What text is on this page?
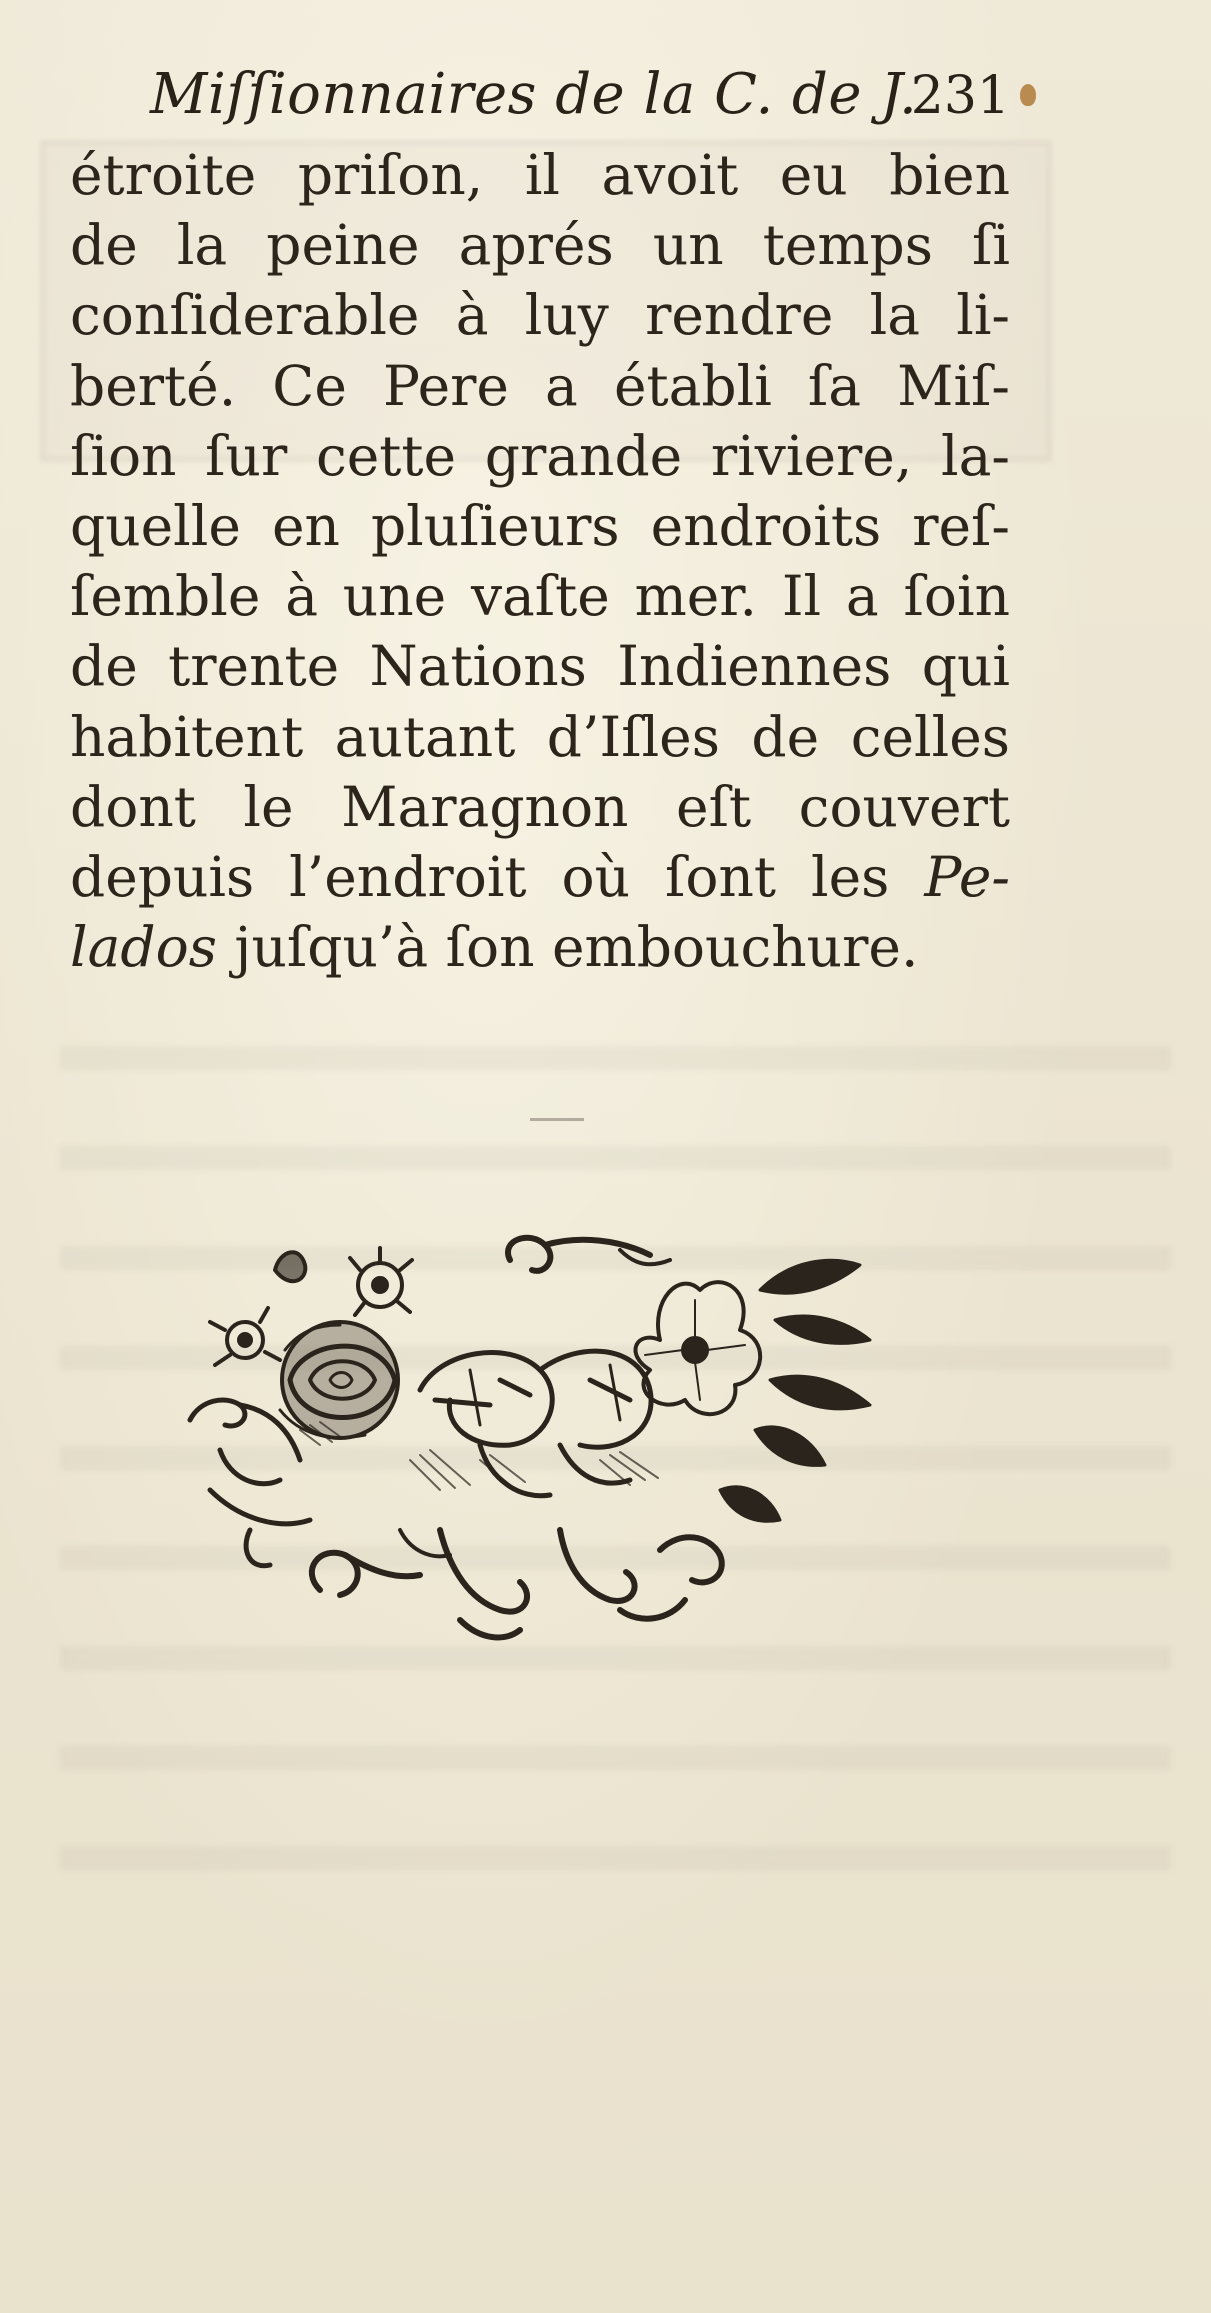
Miſſionnaires de la C. de J.
231
étroite priſon, il avoit eu bien
de la peine aprés un temps ſi
conſiderable à luy rendre la li-
berté. Ce Pere a établi ſa Miſ-
ſion ſur cette grande riviere, la-
quelle en pluſieurs endroits reſ-
ſemble à une vaſte mer. Il a ſoin
de trente Nations Indiennes qui
habitent autant d’Iſles de celles
dont le Maragnon eſt couvert
depuis l’endroit où ſont les Pe-
lados juſqu’à ſon embouchure.
